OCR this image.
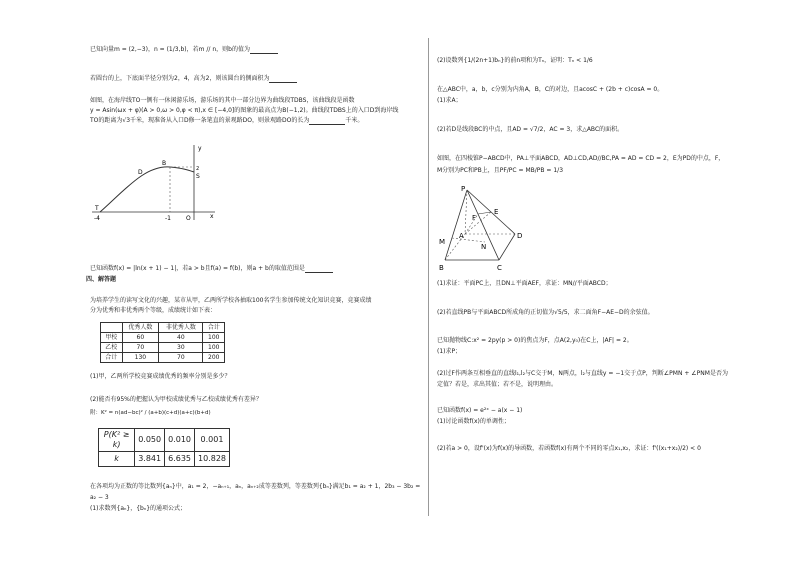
已知向量m = (2,−3)，n = (1/3,b)，若m // n，则b的值为
若圆台的上，下底面半径分别为2，4，高为2，则该圆台的侧面积为
如图，在海岸线TO一侧有一休闲游乐场，游乐场的其中一部分边界为曲线段TDBS，该曲线段是函数
y = Asin(ωx + φ)(A > 0,ω > 0,φ < π),x ∈ [−4,0]的图象的最高点为B(−1,2)。曲线段TDBS上的入口D到海岸线
TO的距离为√3千米，现准备从入口D修一条笔直的景观路DO，则景观路DO的长为	千米。
y
x
T
D
B
S
2
-4	-1	O
已知函数f(x) = |ln(x + 1) − 1|，若a > b且f(a) = f(b)，则a + b的取值范围是
四、解答题
为培养学生的读写文化的兴趣，某市从甲，乙两所学校各抽取100名学生参加传统文化知识竞赛，竞赛成绩
分为优秀和非优秀两个等级，成绩统计如下表：
	优秀人数	非优秀人数	合计
甲校	60	40	100
乙校	70	30	100
合计	130	70	200
(1)甲，乙两所学校竞赛成绩优秀的频率分别是多少？
(2)能否有95%的把握认为甲校成绩优秀与乙校成绩优秀有差异？
附：K² = n(ad−bc)² / (a+b)(c+d)(a+c)(b+d)
P(K² ≥ k)	0.050	0.010	0.001
k	3.841	6.635	10.828
在各项均为正数的等比数列{aₙ}中，a₁ = 2，−aₙ₊₁，aₙ，aₙ₊₂成等差数列，等差数列{bₙ}满足b₁ = a₂ + 1，2b₃ − 3b₂ =
a₂ − 3
(1)求数列{aₙ}，{bₙ}的通项公式；
(2)设数列{1/(2n+1)bₙ}的前n项和为Tₙ，证明：Tₙ < 1/6
在△ABC中，a，b，c分别为内角A，B，C的对边，且acosC + (2b + c)cosA = 0。
(1)求A；
(2)若D是线段BC的中点，且AD = √7/2，AC = 3，求△ABC的面积。
如图，在四棱锥P−ABCD中，PA⊥平面ABCD，AD⊥CD,AD//BC,PA = AD = CD = 2，E为PD的中点，F，
M分别为PC和PB上，且PF/PC = MB/PB = 1/3
P
E
F
A	D
M
N
B	C
(1)求证：平面PC上，且DN⊥平面AEF，求证：MN//平面ABCD；
(2)若直线PB与平面ABCD所成角的正切值为√5/5，求二面角F−AE−D的余弦值。
已知抛物线C:x² = 2py(p > 0)的焦点为F，点A(2,y₀)在C上，|AF| = 2。
(1)求P；
(2)过F作两条互相垂直的直线l₁,l₂与C交于M，N两点，l₂与直线y = −1交于点P，判断∠PMN + ∠PNM是否为
定值？若是，求出其值；若不是，说明理由。
已知函数f(x) = e²ˣ − a(x − 1)
(1)讨论函数f(x)的单调性；
(2)若a > 0，设f'(x)为f(x)的导函数，若函数f(x)有两个不同的零点x₁,x₂，求证：f'((x₁+x₂)/2) < 0
